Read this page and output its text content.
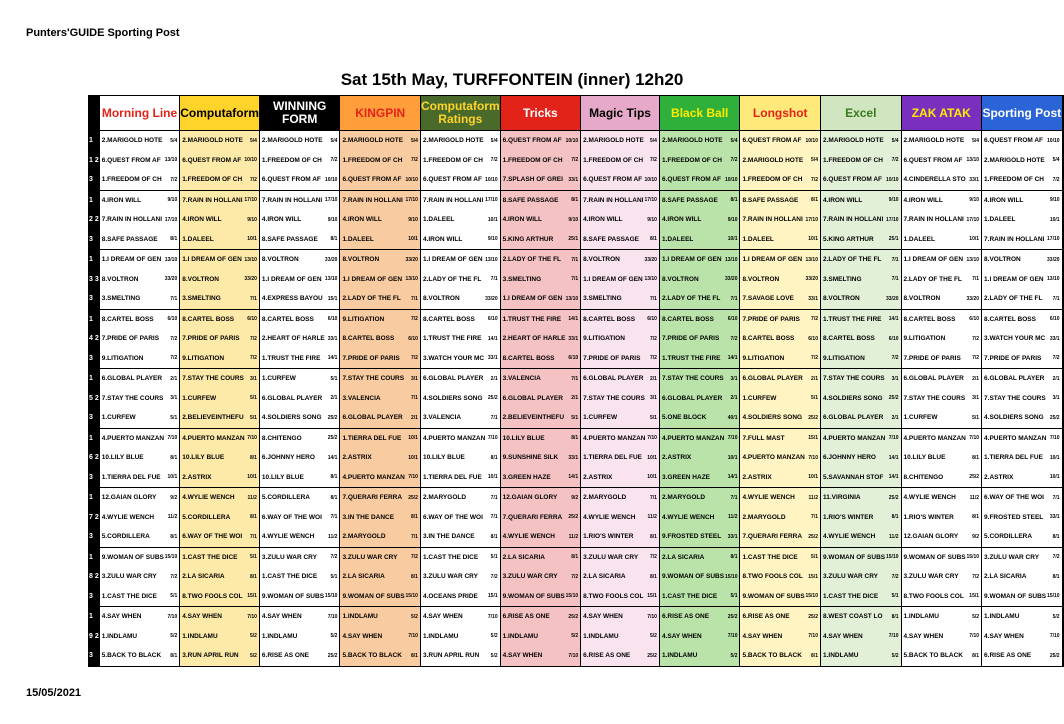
Punters'GUIDE Sporting Post
Sat 15th May, TURFFONTEIN (inner) 12h20
	Morning Line	Computaform	WINNING FORM	KINGPIN	Computaform Ratings	Tricks	Magic Tips	Black Ball	Longshot	Excel	ZAK ATAK	Sporting Post	
1	2.MARIGOLD HOTE 5/4	2.MARIGOLD HOTE 5/4	2.MARIGOLD HOTE 5/4	2.MARIGOLD HOTE 5/4	2.MARIGOLD HOTE 5/4	6.QUEST FROM AF 10/10	2.MARIGOLD HOTE 5/4	2.MARIGOLD HOTE 5/4	6.QUEST FROM AF 10/10	2.MARIGOLD HOTE 5/4	2.MARIGOLD HOTE 5/4	6.QUEST FROM AF 10/10	

1 2	6.QUEST FROM AF 13/10	6.QUEST FROM AF 10/10	1.FREEDOM OF CH 7/2	1.FREEDOM OF CH 7/2	1.FREEDOM OF CH 7/2	1.FREEDOM OF CH 7/2	1.FREEDOM OF CH 7/2	1.FREEDOM OF CH 7/2	2.MARIGOLD HOTE 5/4	1.FREEDOM OF CH 7/2	6.QUEST FROM AF 13/10	2.MARIGOLD HOTE 5/4	

3	1.FREEDOM OF CH 7/2	1.FREEDOM OF CH 7/2	6.QUEST FROM AF 10/10	6.QUEST FROM AF 10/10	6.QUEST FROM AF 10/10	7.SPLASH OF GREI 33/1	6.QUEST FROM AF 10/10	6.QUEST FROM AF 10/10	1.FREEDOM OF CH 7/2	6.QUEST FROM AF 10/10	4.CINDERELLA STO 33/1	1.FREEDOM OF CH 7/2	

1	4.IRON WILL 9/10	7.RAIN IN HOLLANI 17/10	7.RAIN IN HOLLANI 17/10	7.RAIN IN HOLLANI 17/10	7.RAIN IN HOLLANI 17/10	8.SAFE PASSAGE 8/1	7.RAIN IN HOLLANI 17/10	8.SAFE PASSAGE 8/1	8.SAFE PASSAGE 8/1	4.IRON WILL 9/10	4.IRON WILL 9/10	4.IRON WILL 9/10	

2 2	7.RAIN IN HOLLANI 17/10	4.IRON WILL 9/10	4.IRON WILL 9/10	4.IRON WILL 9/10	1.DALEEL 10/1	4.IRON WILL 9/10	4.IRON WILL 9/10	4.IRON WILL 9/10	7.RAIN IN HOLLANI 17/10	7.RAIN IN HOLLANI 17/10	7.RAIN IN HOLLANI 17/10	1.DALEEL 10/1	

3	8.SAFE PASSAGE 8/1	1.DALEEL 10/1	8.SAFE PASSAGE 8/1	1.DALEEL 10/1	4.IRON WILL 9/10	5.KING ARTHUR 25/1	8.SAFE PASSAGE 8/1	1.DALEEL 10/1	1.DALEEL 10/1	5.KING ARTHUR 25/1	1.DALEEL 10/1	7.RAIN IN HOLLANI 17/10	

1	1.I DREAM OF GEN 13/10	1.I DREAM OF GEN 13/10	8.VOLTRON 33/20	8.VOLTRON 33/20	1.I DREAM OF GEN 13/10	2.LADY OF THE FL 7/1	8.VOLTRON 33/20	1.I DREAM OF GEN 13/10	1.I DREAM OF GEN 13/10	2.LADY OF THE FL 7/1	1.I DREAM OF GEN 13/10	8.VOLTRON 33/20	

3 3	8.VOLTRON 33/20	8.VOLTRON 33/20	1.I DREAM OF GEN 13/10	1.I DREAM OF GEN 13/10	2.LADY OF THE FL 7/1	3.SMELTING 7/1	1.I DREAM OF GEN 13/10	8.VOLTRON 33/20	8.VOLTRON 33/20	3.SMELTING 7/1	2.LADY OF THE FL 7/1	1.I DREAM OF GEN 13/10	

3	3.SMELTING 7/1	3.SMELTING 7/1	4.EXPRESS BAYOU 15/1	2.LADY OF THE FL 7/1	8.VOLTRON 33/20	1.I DREAM OF GEN 13/10	3.SMELTING 7/1	2.LADY OF THE FL 7/1	7.SAVAGE LOVE 33/1	8.VOLTRON 33/20	8.VOLTRON 33/20	2.LADY OF THE FL 7/1	

1	8.CARTEL BOSS 6/10	8.CARTEL BOSS 6/10	8.CARTEL BOSS 6/10	9.LITIGATION 7/2	8.CARTEL BOSS 6/10	1.TRUST THE FIRE 14/1	8.CARTEL BOSS 6/10	8.CARTEL BOSS 6/10	7.PRIDE OF PARIS 7/2	1.TRUST THE FIRE 14/1	8.CARTEL BOSS 6/10	8.CARTEL BOSS 6/10	

4 2	7.PRIDE OF PARIS 7/2	7.PRIDE OF PARIS 7/2	2.HEART OF HARLE 33/1	8.CARTEL BOSS 6/10	1.TRUST THE FIRE 14/1	2.HEART OF HARLE 33/1	9.LITIGATION 7/2	7.PRIDE OF PARIS 7/2	8.CARTEL BOSS 6/10	8.CARTEL BOSS 6/10	9.LITIGATION 7/2	3.WATCH YOUR MC 33/1	

3	9.LITIGATION 7/2	9.LITIGATION 7/2	1.TRUST THE FIRE 14/1	7.PRIDE OF PARIS 7/2	3.WATCH YOUR MC 33/1	8.CARTEL BOSS 6/10	7.PRIDE OF PARIS 7/2	1.TRUST THE FIRE 14/1	9.LITIGATION 7/2	9.LITIGATION 7/2	7.PRIDE OF PARIS 7/2	7.PRIDE OF PARIS 7/2	

1	6.GLOBAL PLAYER 2/1	7.STAY THE COURS 3/1	1.CURFEW 5/1	7.STAY THE COURS 3/1	6.GLOBAL PLAYER 2/1	3.VALENCIA 7/1	6.GLOBAL PLAYER 2/1	7.STAY THE COURS 3/1	6.GLOBAL PLAYER 2/1	7.STAY THE COURS 3/1	6.GLOBAL PLAYER 2/1	6.GLOBAL PLAYER 2/1	

5 2	7.STAY THE COURS 3/1	1.CURFEW 5/1	6.GLOBAL PLAYER 2/1	3.VALENCIA 7/1	4.SOLDIERS SONG 25/2	6.GLOBAL PLAYER 2/1	7.STAY THE COURS 3/1	6.GLOBAL PLAYER 2/1	1.CURFEW 5/1	4.SOLDIERS SONG 25/2	7.STAY THE COURS 3/1	7.STAY THE COURS 3/1	

3	1.CURFEW 5/1	2.BELIEVEINTHEFU 5/1	4.SOLDIERS SONG 25/2	6.GLOBAL PLAYER 2/1	3.VALENCIA 7/1	2.BELIEVEINTHEFU 5/1	1.CURFEW 5/1	5.ONE BLOCK 40/1	4.SOLDIERS SONG 25/2	6.GLOBAL PLAYER 2/1	1.CURFEW 5/1	4.SOLDIERS SONG 25/2	

1	4.PUERTO MANZAN 7/10	4.PUERTO MANZAN 7/10	8.CHITENGO 25/2	1.TIERRA DEL FUE 10/1	4.PUERTO MANZAN 7/10	10.LILY BLUE 8/1	4.PUERTO MANZAN 7/10	4.PUERTO MANZAN 7/10	7.FULL MAST 15/1	4.PUERTO MANZAN 7/10	4.PUERTO MANZAN 7/10	4.PUERTO MANZAN 7/10	

6 2	10.LILY BLUE 8/1	10.LILY BLUE 8/1	6.JOHNNY HERO 14/1	2.ASTRIX 10/1	10.LILY BLUE 8/1	9.SUNSHINE SILK 33/1	1.TIERRA DEL FUE 10/1	2.ASTRIX 10/1	4.PUERTO MANZAN 7/10	6.JOHNNY HERO 14/1	10.LILY BLUE 8/1	1.TIERRA DEL FUE 10/1	

3	1.TIERRA DEL FUE 10/1	2.ASTRIX 10/1	10.LILY BLUE 8/1	4.PUERTO MANZAN 7/10	1.TIERRA DEL FUE 10/1	3.GREEN HAZE 14/1	2.ASTRIX 10/1	3.GREEN HAZE 14/1	2.ASTRIX 10/1	5.SAVANNAH STOF 14/1	8.CHITENGO 25/2	2.ASTRIX 10/1	

1	12.GAIAN GLORY 9/2	4.WYLIE WENCH 11/2	5.CORDILLERA 8/1	7.QUERARI FERRA 25/2	2.MARYGOLD 7/1	12.GAIAN GLORY 9/2	2.MARYGOLD 7/1	2.MARYGOLD 7/1	4.WYLIE WENCH 11/2	11.VIRGINIA 25/2	4.WYLIE WENCH 11/2	6.WAY OF THE WOI 7/1	

7 2	4.WYLIE WENCH 11/2	5.CORDILLERA 8/1	6.WAY OF THE WOI 7/1	3.IN THE DANCE 8/1	6.WAY OF THE WOI 7/1	7.QUERARI FERRA 25/2	4.WYLIE WENCH 11/2	4.WYLIE WENCH 11/2	2.MARYGOLD 7/1	1.RIO'S WINTER 8/1	1.RIO'S WINTER 8/1	9.FROSTED STEEL 33/1	

3	5.CORDILLERA 8/1	6.WAY OF THE WOI 7/1	4.WYLIE WENCH 11/2	2.MARYGOLD 7/1	3.IN THE DANCE 8/1	4.WYLIE WENCH 11/2	1.RIO'S WINTER 8/1	9.FROSTED STEEL 33/1	7.QUERARI FERRA 25/2	4.WYLIE WENCH 11/2	12.GAIAN GLORY 9/2	5.CORDILLERA 8/1	

1	9.WOMAN OF SUBS 15/10	1.CAST THE DICE 5/1	3.ZULU WAR CRY 7/2	3.ZULU WAR CRY 7/2	1.CAST THE DICE 5/1	2.LA SICARIA 8/1	3.ZULU WAR CRY 7/2	2.LA SICARIA 8/1	1.CAST THE DICE 5/1	9.WOMAN OF SUBS 15/10	9.WOMAN OF SUBS 15/10	3.ZULU WAR CRY 7/2	

8 2	3.ZULU WAR CRY 7/2	2.LA SICARIA 8/1	1.CAST THE DICE 5/1	2.LA SICARIA 8/1	3.ZULU WAR CRY 7/2	3.ZULU WAR CRY 7/2	2.LA SICARIA 8/1	9.WOMAN OF SUBS 15/10	8.TWO FOOLS COL 15/1	3.ZULU WAR CRY 7/2	3.ZULU WAR CRY 7/2	2.LA SICARIA 8/1	

3	1.CAST THE DICE 5/1	8.TWO FOOLS COL 15/1	9.WOMAN OF SUBS 15/10	9.WOMAN OF SUBS 15/10	4.OCEANS PRIDE 15/1	9.WOMAN OF SUBS 15/10	8.TWO FOOLS COL 15/1	1.CAST THE DICE 5/1	9.WOMAN OF SUBS 15/10	1.CAST THE DICE 5/1	8.TWO FOOLS COL 15/1	9.WOMAN OF SUBS 15/10	

1	4.SAY WHEN 7/10	4.SAY WHEN 7/10	4.SAY WHEN 7/10	1.INDLAMU 5/2	4.SAY WHEN 7/10	6.RISE AS ONE 25/2	4.SAY WHEN 7/10	6.RISE AS ONE 25/2	6.RISE AS ONE 25/2	8.WEST COAST LO 8/1	1.INDLAMU 5/2	1.INDLAMU 5/2	

9 2	1.INDLAMU 5/2	1.INDLAMU 5/2	1.INDLAMU 5/2	4.SAY WHEN 7/10	1.INDLAMU 5/2	1.INDLAMU 5/2	1.INDLAMU 5/2	4.SAY WHEN 7/10	4.SAY WHEN 7/10	4.SAY WHEN 7/10	4.SAY WHEN 7/10	4.SAY WHEN 7/10	

3	5.BACK TO BLACK 8/1	3.RUN APRIL RUN 5/2	6.RISE AS ONE 25/2	5.BACK TO BLACK 8/1	3.RUN APRIL RUN 5/2	4.SAY WHEN 7/10	6.RISE AS ONE 25/2	1.INDLAMU 5/2	5.BACK TO BLACK 8/1	1.INDLAMU 5/2	5.BACK TO BLACK 8/1	6.RISE AS ONE 25/2	

15/05/2021
